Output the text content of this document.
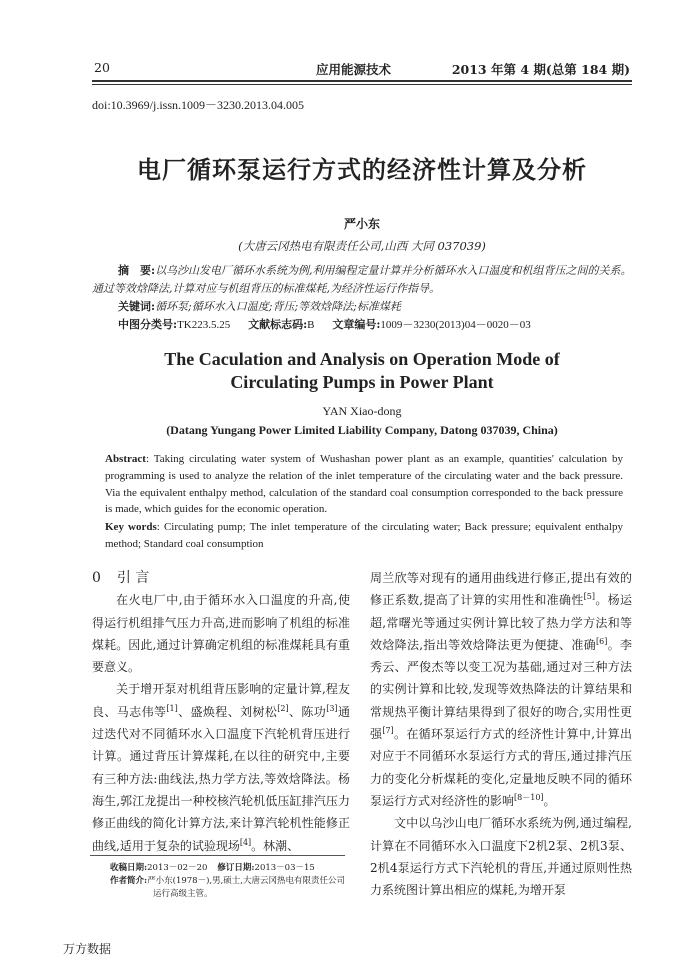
20	应用能源技术	2013 年第 4 期(总第 184 期)
doi:10.3969/j.issn.1009－3230.2013.04.005
电厂循环泵运行方式的经济性计算及分析
严小东
(大唐云冈热电有限责任公司,山西 大同 037039)
摘　要:以乌沙山发电厂循环水系统为例,利用编程定量计算并分析循环水入口温度和机组背压之间的关系。通过等效焓降法,计算对应与机组背压的标准煤耗,为经济性运行作指导。
关键词:循环泵;循环水入口温度;背压;等效焓降法;标准煤耗
中图分类号:TK223.5.25 文献标志码:B 文章编号:1009－3230(2013)04－0020－03
The Caculation and Analysis on Operation Mode of
Circulating Pumps in Power Plant
YAN Xiao-dong
(Datang Yungang Power Limited Liability Company, Datong 037039, China)
Abstract: Taking circulating water system of Wushashan power plant as an example, quantities' calculation by programming is used to analyze the relation of the inlet temperature of the circulating water and the back pressure. Via the equivalent enthalpy method, calculation of the standard coal consumption corresponded to the back pressure is made, which guides for the economic operation.
Key words: Circulating pump; The inlet temperature of the circulating water; Back pressure; equivalent enthalpy method; Standard coal consumption

0 引 言

在火电厂中,由于循环水入口温度的升高,使得运行机组排气压力升高,进而影响了机组的标准煤耗。因此,通过计算确定机组的标准煤耗具有重要意义。

关于增开泵对机组背压影响的定量计算,程友良、马志伟等[1]、盛焕程、刘树松[2]、陈功[3]通过迭代对不同循环水入口温度下汽轮机背压进行计算。通过背压计算煤耗,在以往的研究中,主要有三种方法:曲线法,热力学方法,等效焓降法。杨海生,郭江龙提出一种校核汽轮机低压缸排汽压力修正曲线的简化计算方法,来计算汽轮机性能修正曲线,适用于复杂的试验现场[4]。林潮、

收稿日期:2013－02－20 修订日期:2013－03－15
作者简介:严小东(1978－),男,硕士,大唐云冈热电有限责任公司运行高级主管。

周兰欣等对现有的通用曲线进行修正,提出有效的修正系数,提高了计算的实用性和准确性[5]。杨运超,常曙光等通过实例计算比较了热力学方法和等效焓降法,指出等效焓降法更为便捷、准确[6]。李秀云、严俊杰等以变工况为基础,通过对三种方法的实例计算和比较,发现等效热降法的计算结果和常规热平衡计算结果得到了很好的吻合,实用性更强[7]。在循环泵运行方式的经济性计算中,计算出对应于不同循环水泵运行方式的背压,通过排汽压力的变化分析煤耗的变化,定量地反映不同的循环泵运行方式对经济性的影响[8－10]。

文中以乌沙山电厂循环水系统为例,通过编程,计算在不同循环水入口温度下2机2泵、2机3泵、2机4泵运行方式下汽轮机的背压,并通过原则性热力系统图计算出相应的煤耗,为增开泵

万方数据
